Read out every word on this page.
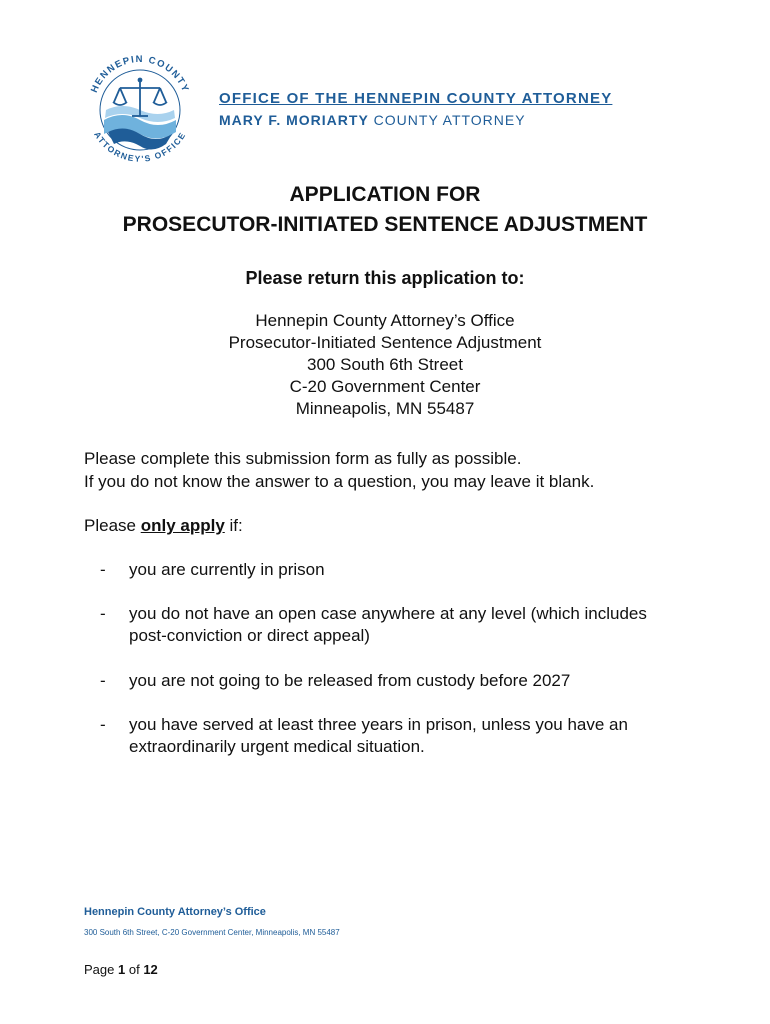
HENNEPIN COUNTY
ATTORNEY'S OFFICE
OFFICE OF THE HENNEPIN COUNTY ATTORNEY
MARY F. MORIARTY COUNTY ATTORNEY
APPLICATION FOR
PROSECUTOR-INITIATED SENTENCE ADJUSTMENT
Please return this application to:
Hennepin County Attorney’s Office
Prosecutor-Initiated Sentence Adjustment
300 South 6th Street
C-20 Government Center
Minneapolis, MN 55487
Please complete this submission form as fully as possible.
If you do not know the answer to a question, you may leave it blank.
Please only apply if:
-	you are currently in prison
-	you do not have an open case anywhere at any level (which includes post-conviction or direct appeal)
-	you are not going to be released from custody before 2027
-	you have served at least three years in prison, unless you have an extraordinarily urgent medical situation.
Hennepin County Attorney’s Office
300 South 6th Street, C-20 Government Center, Minneapolis, MN 55487
Page 1 of 12
